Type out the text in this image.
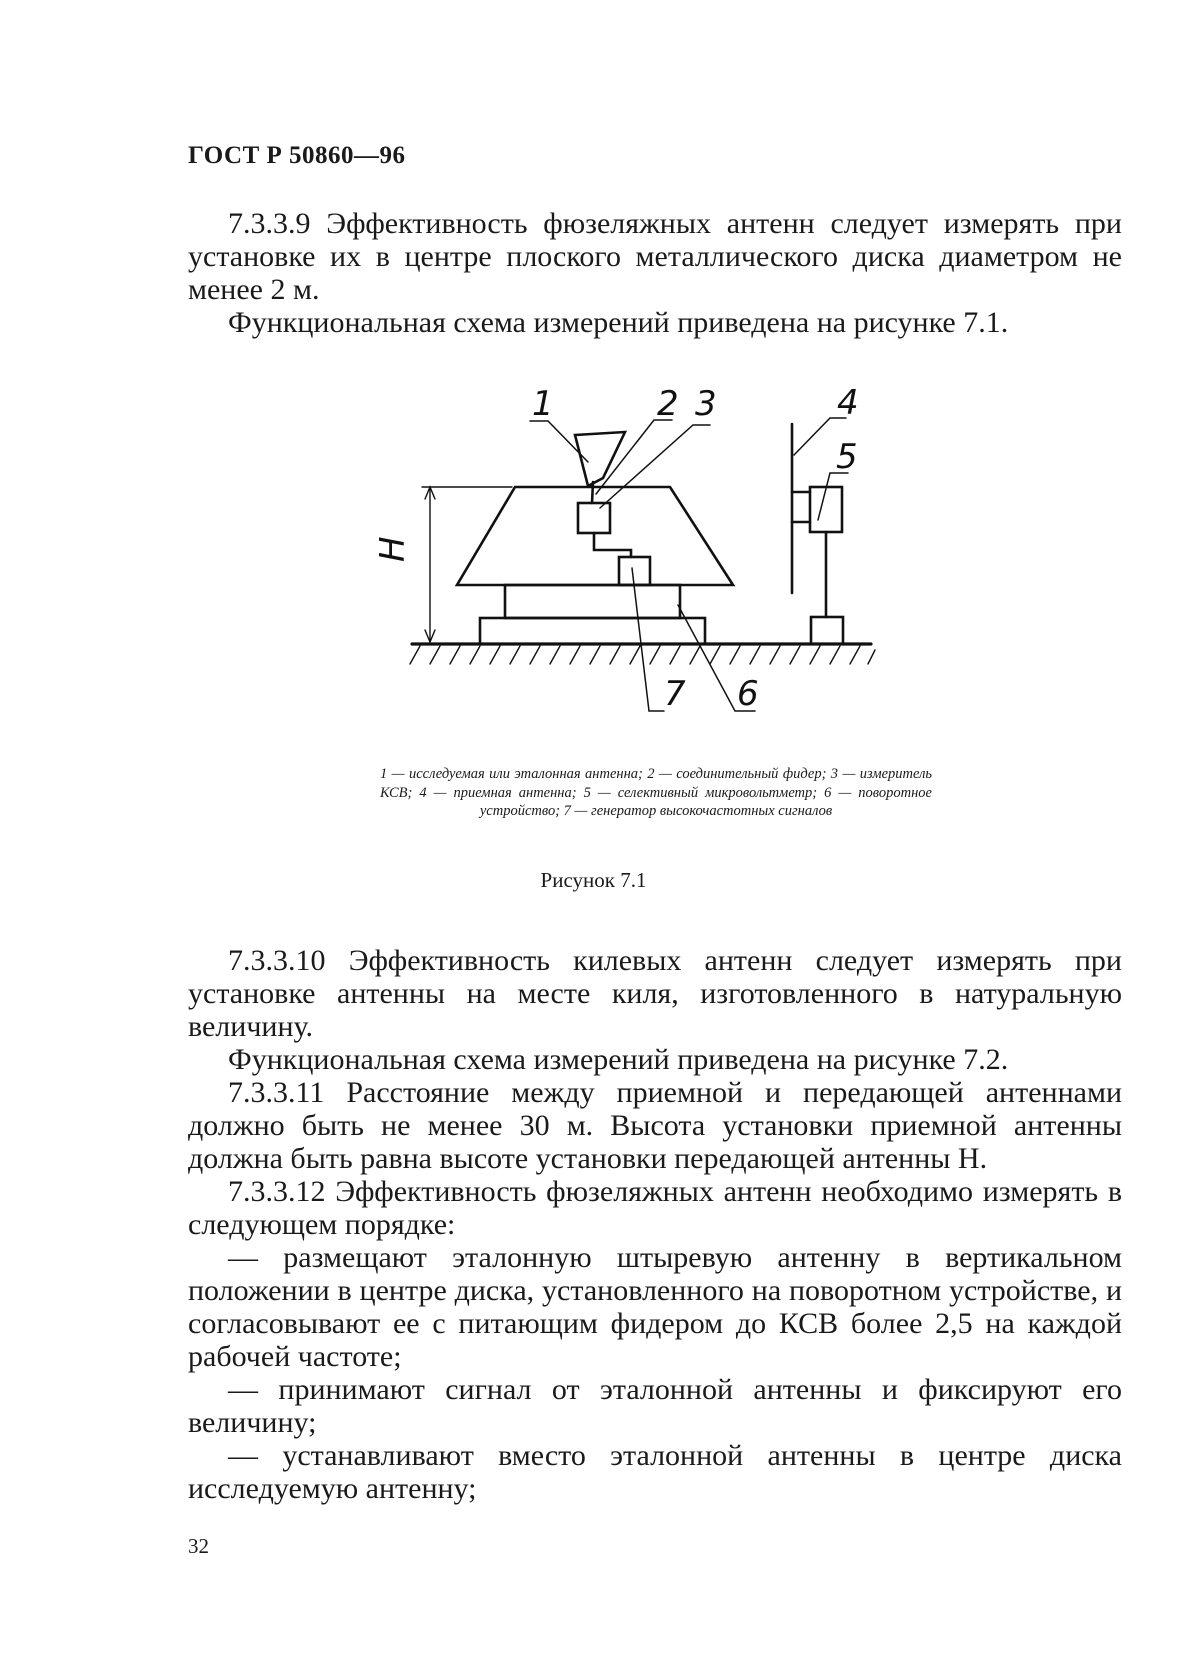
ГОСТ Р 50860—96

7.3.3.9 Эффективность фюзеляжных антенн следует измерять при установке их в центре плоского металлического диска диаметром не менее 2 м.

Функциональная схема измерений приведена на рисунке 7.1.

1	2 3	4
5
7 6
H

1 — исследуемая или эталонная антенна; 2 — соединительный фидер; 3 — измеритель КСВ; 4 — приемная антенна; 5 — селективный микровольтметр; 6 — поворотное устройство; 7 — генератор высокочастотных сигналов

Рисунок 7.1

7.3.3.10 Эффективность килевых антенн следует измерять при установке антенны на месте киля, изготовленного в натуральную величину.

Функциональная схема измерений приведена на рисунке 7.2.

7.3.3.11 Расстояние между приемной и передающей антеннами должно быть не менее 30 м. Высота установки приемной антенны должна быть равна высоте установки передающей антенны H.

7.3.3.12 Эффективность фюзеляжных антенн необходимо измерять в следующем порядке:

— размещают эталонную штыревую антенну в вертикальном положении в центре диска, установленного на поворотном устройстве, и согласовывают ее с питающим фидером до КСВ более 2,5 на каждой рабочей частоте;

— принимают сигнал от эталонной антенны и фиксируют его величину;

— устанавливают вместо эталонной антенны в центре диска исследуемую антенну;

32
